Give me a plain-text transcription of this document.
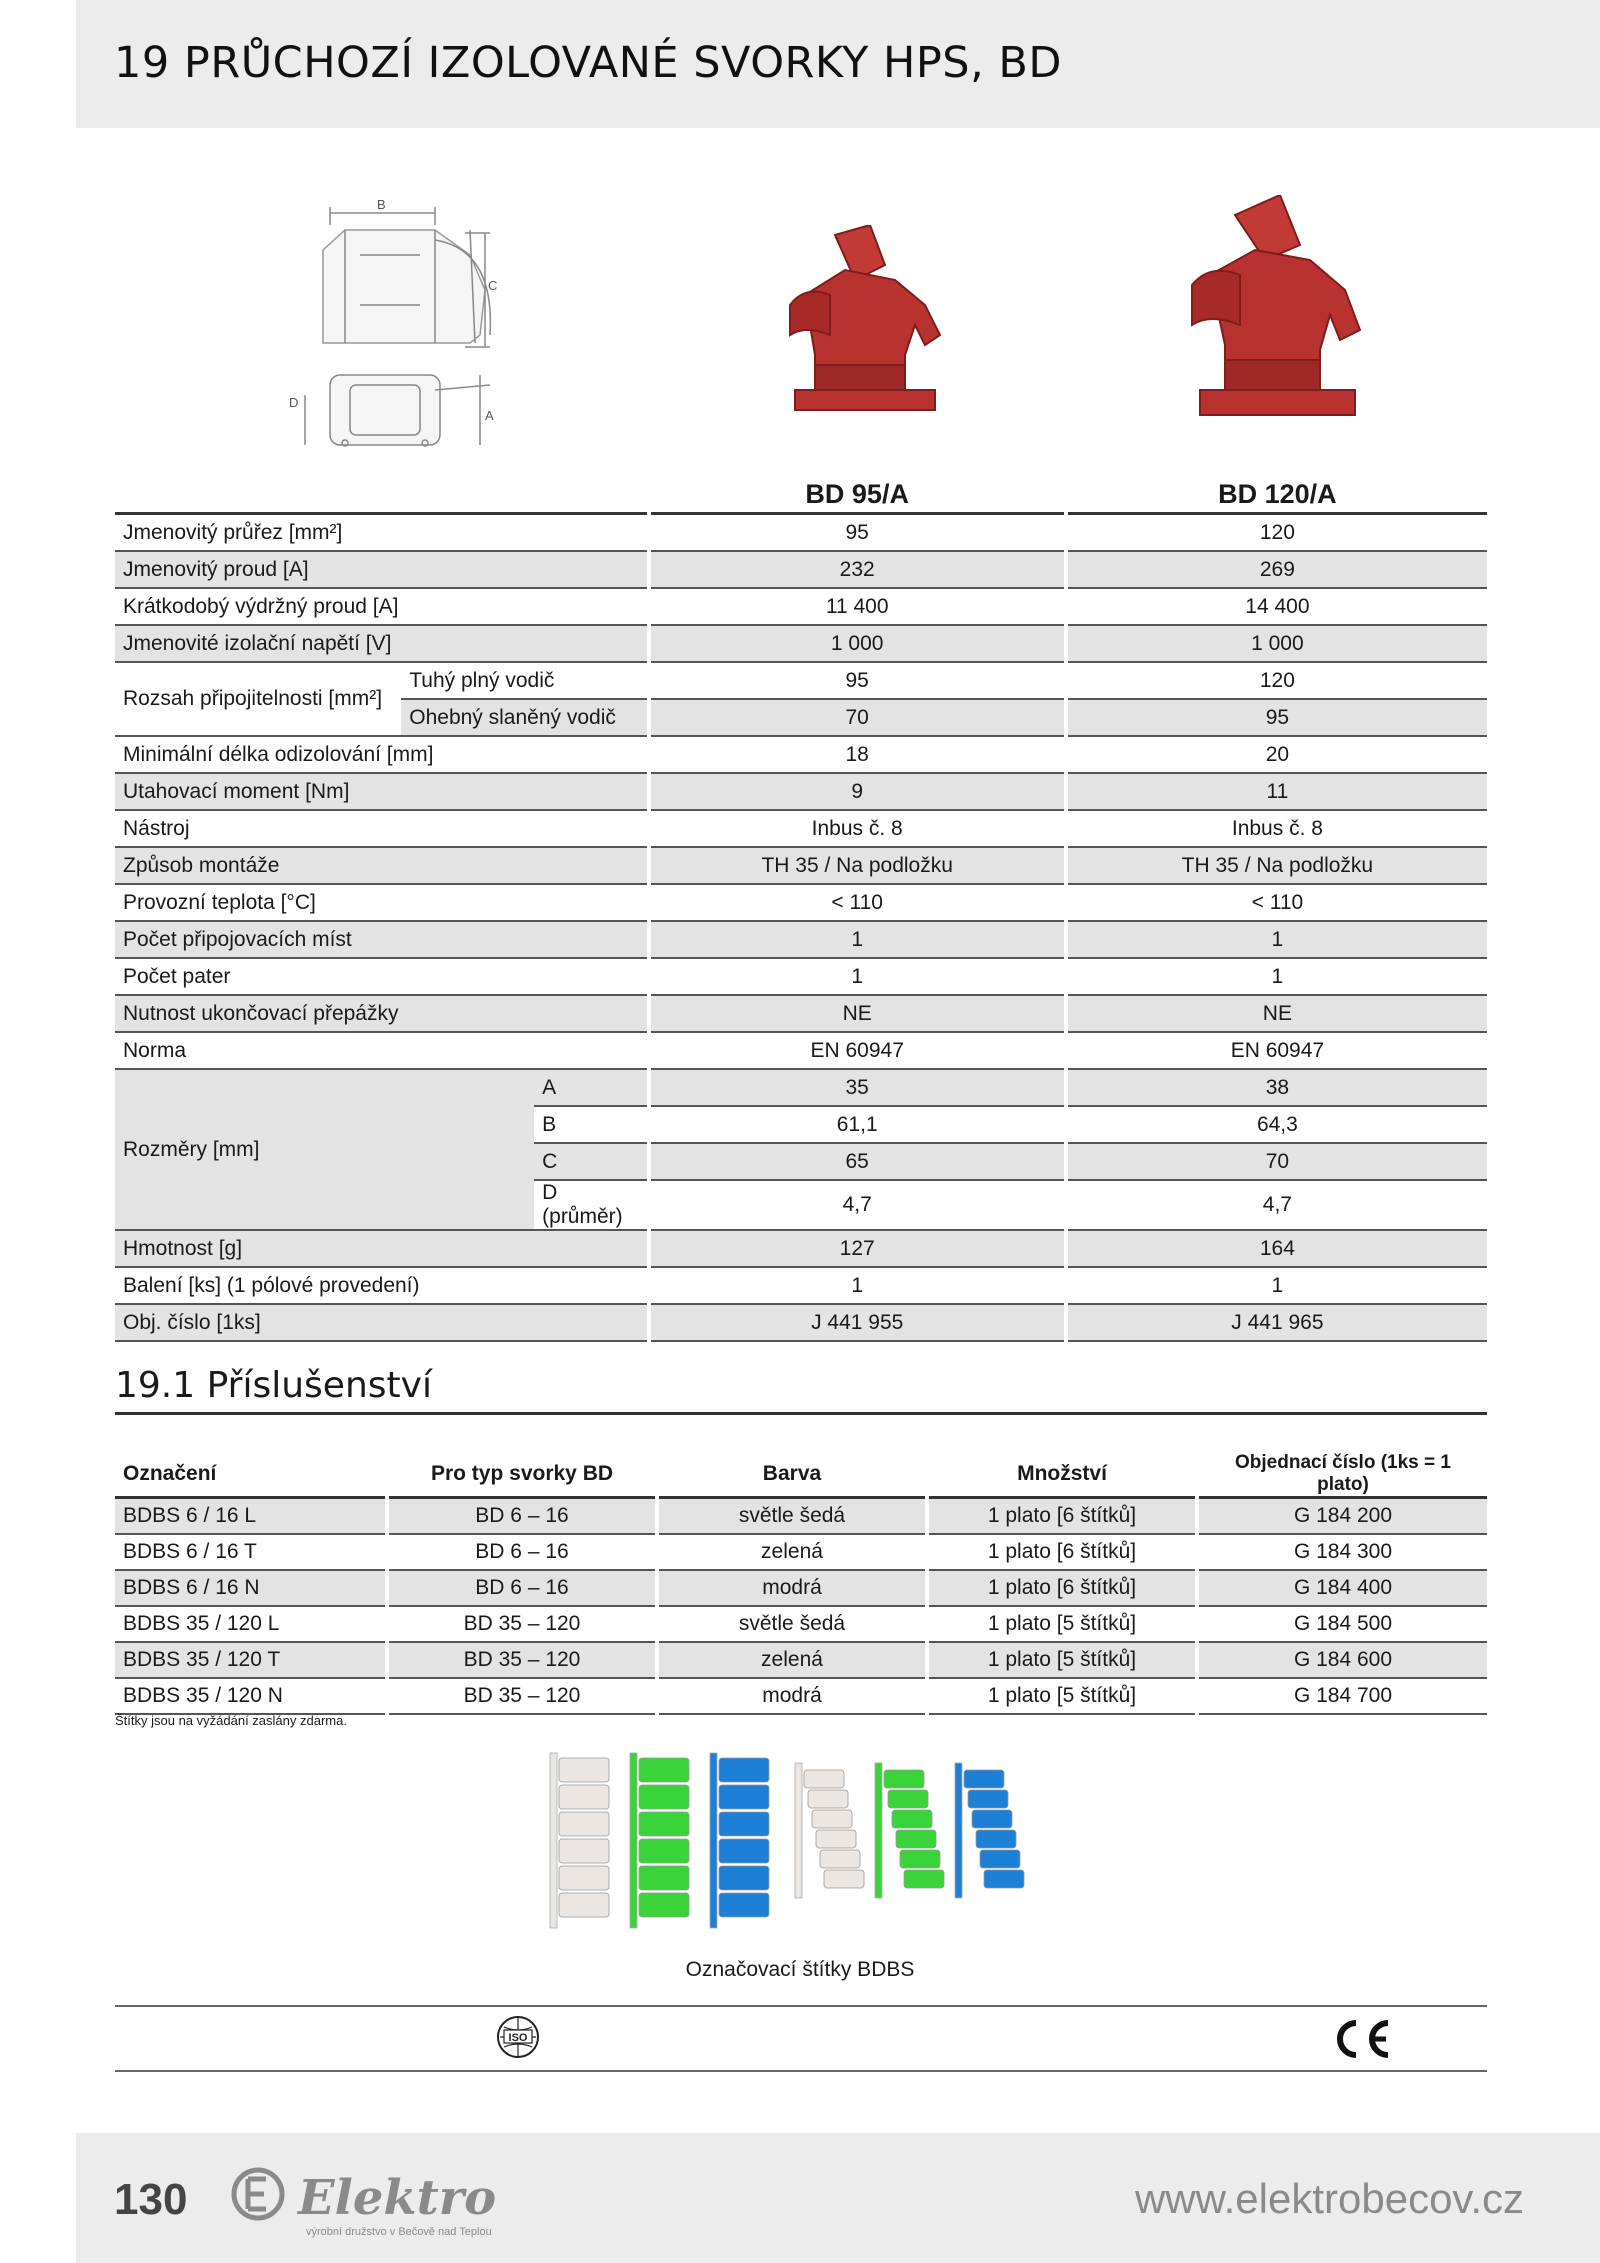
19 PRŮCHOZÍ IZOLOVANÉ SVORKY HPS, BD
B
C
A
D
				BD 95/A		BD 120/A
Jmenovitý průřez [mm²]				95		120
Jmenovitý proud [A]				232		269
Krátkodobý výdržný proud [A]				11 400		14 400
Jmenovité izolační napětí [V]				1 000		1 000
Rozsah připojitelnosti [mm²]	Tuhý plný vodič			95		120
	Ohebný slaněný vodič			70		95
Minimální délka odizolování [mm]				18		20
Utahovací moment [Nm]				9		11
Nástroj				Inbus č. 8		Inbus č. 8
Způsob montáže				TH 35 / Na podložku		TH 35 / Na podložku
Provozní teplota [°C]				< 110		< 110
Počet připojovacích míst				1		1
Počet pater				1		1
Nutnost ukončovací přepážky				NE		NE
Norma				EN 60947		EN 60947
Rozměry [mm]		A		35		38
		B		61,1		64,3
		C		65		70
		D (průměr)		4,7		4,7
Hmotnost [g]				127		164
Balení [ks] (1 pólové provedení)				1		1
Obj. číslo [1ks]				J 441 955		J 441 965
19.1 Příslušenství
Označení		Pro typ svorky BD		Barva		Množství		Objednací číslo (1ks = 1 plato)
BDBS 6 / 16 L		BD 6 – 16		světle šedá		1 plato [6 štítků]		G 184 200
BDBS 6 / 16 T		BD 6 – 16		zelená		1 plato [6 štítků]		G 184 300
BDBS 6 / 16 N		BD 6 – 16		modrá		1 plato [6 štítků]		G 184 400
BDBS 35 / 120 L		BD 35 – 120		světle šedá		1 plato [5 štítků]		G 184 500
BDBS 35 / 120 T		BD 35 – 120		zelená		1 plato [5 štítků]		G 184 600
BDBS 35 / 120 N		BD 35 – 120		modrá		1 plato [5 štítků]		G 184 700
Štítky jsou na vyžádání zaslány zdarma.
Označovací štítky BDBS
ISO
130 Elektro
výrobní družstvo v Bečově nad Teplou
www.elektrobecov.cz
